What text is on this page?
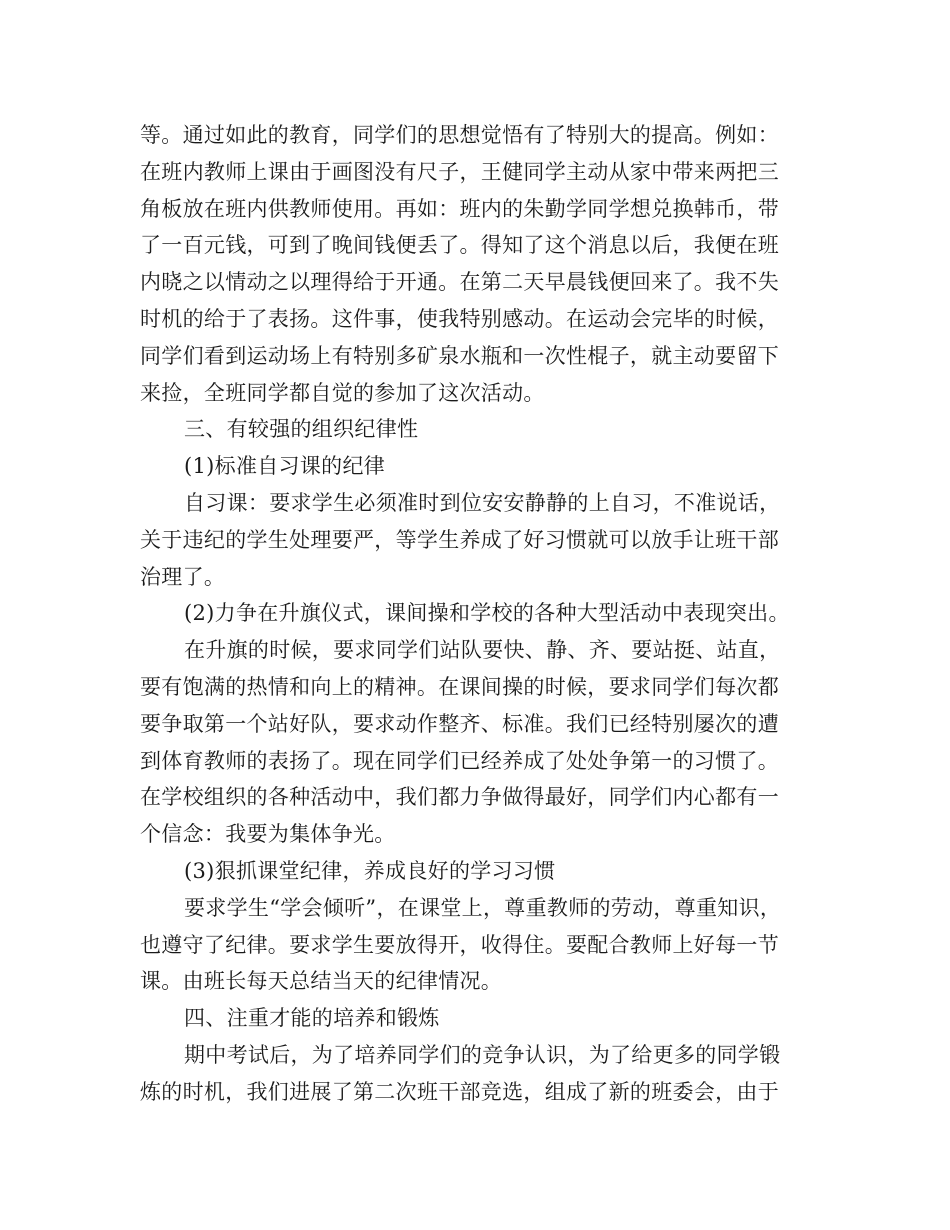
等。通过如此的教育，同学们的思想觉悟有了特别大的提高。例如：
在班内教师上课由于画图没有尺子，王健同学主动从家中带来两把三
角板放在班内供教师使用。再如：班内的朱勤学同学想兑换韩币，带
了一百元钱，可到了晚间钱便丢了。得知了这个消息以后，我便在班
内晓之以情动之以理得给于开通。在第二天早晨钱便回来了。我不失
时机的给于了表扬。这件事，使我特别感动。在运动会完毕的时候，
同学们看到运动场上有特别多矿泉水瓶和一次性棍子，就主动要留下
来捡，全班同学都自觉的参加了这次活动。
三、有较强的组织纪律性
(1)标准自习课的纪律
自习课：要求学生必须准时到位安安静静的上自习，不准说话，
关于违纪的学生处理要严，等学生养成了好习惯就可以放手让班干部
治理了。
(2)力争在升旗仪式，课间操和学校的各种大型活动中表现突出。
在升旗的时候，要求同学们站队要快、静、齐、要站挺、站直，
要有饱满的热情和向上的精神。在课间操的时候，要求同学们每次都
要争取第一个站好队，要求动作整齐、标准。我们已经特别屡次的遭
到体育教师的表扬了。现在同学们已经养成了处处争第一的习惯了。
在学校组织的各种活动中，我们都力争做得最好，同学们内心都有一
个信念：我要为集体争光。
(3)狠抓课堂纪律，养成良好的学习习惯
要求学生“学会倾听”，在课堂上，尊重教师的劳动，尊重知识，
也遵守了纪律。要求学生要放得开，收得住。要配合教师上好每一节
课。由班长每天总结当天的纪律情况。
四、注重才能的培养和锻炼
期中考试后，为了培养同学们的竞争认识，为了给更多的同学锻
炼的时机，我们进展了第二次班干部竞选，组成了新的班委会，由于
